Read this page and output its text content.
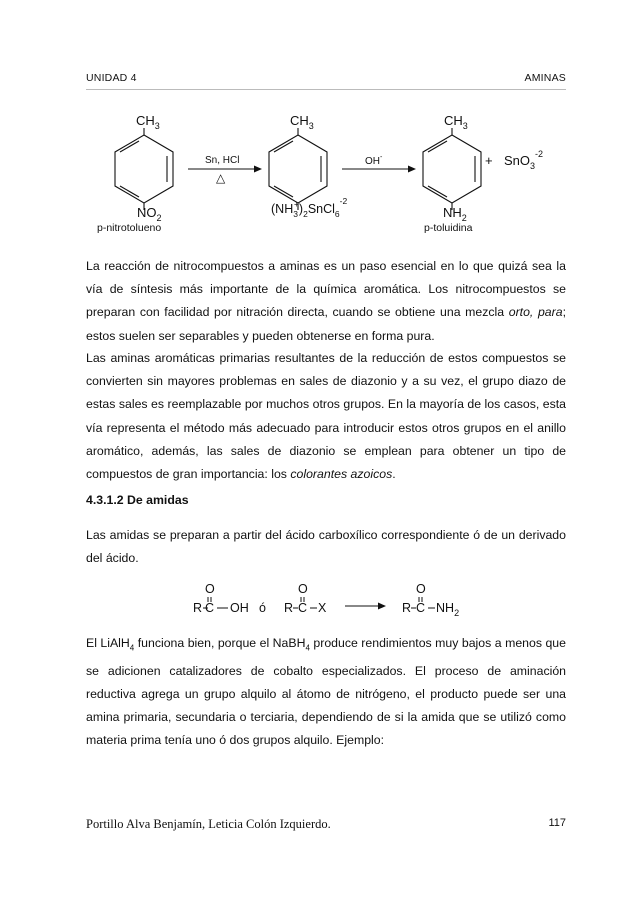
UNIDAD 4	AMINAS
$CH_3$
$NO_2$
p-nitrotolueno
Sn, HCl
△
$CH_3$
$(NH_3+)_2SnCl_6^{-2}$
OH-
$CH_3$
$NH_2$
p-toluidina
+ SnO$_3^{-2}$
O
R C OH ó
O
R C X
O
R C $NH_2$

La reacción de nitrocompuestos a aminas es un paso esencial en lo que quizá sea la vía de síntesis más importante de la química aromática. Los nitrocompuestos se preparan con facilidad por nitración directa, cuando se obtiene una mezcla orto, para; estos suelen ser separables y pueden obtenerse en forma pura.

Las aminas aromáticas primarias resultantes de la reducción de estos compuestos se convierten sin mayores problemas en sales de diazonio y a su vez, el grupo diazo de estas sales es reemplazable por muchos otros grupos. En la mayoría de los casos, esta vía representa el método más adecuado para introducir estos otros grupos en el anillo aromático, además, las sales de diazonio se emplean para obtener un tipo de compuestos de gran importancia: los colorantes azoicos.

4.3.1.2 De amidas

Las amidas se preparan a partir del ácido carboxílico correspondiente ó de un derivado del ácido.

El LiAlH$_4$ funciona bien, porque el NaBH$_4$ produce rendimientos muy bajos a menos que se adicionen catalizadores de cobalto especializados. El proceso de aminación reductiva agrega un grupo alquilo al átomo de nitrógeno, el producto puede ser una amina primaria, secundaria o terciaria, dependiendo de si la amida que se utilizó como materia prima tenía uno ó dos grupos alquilo. Ejemplo:

Portillo Alva Benjamín, Leticia Colón Izquierdo.	117
